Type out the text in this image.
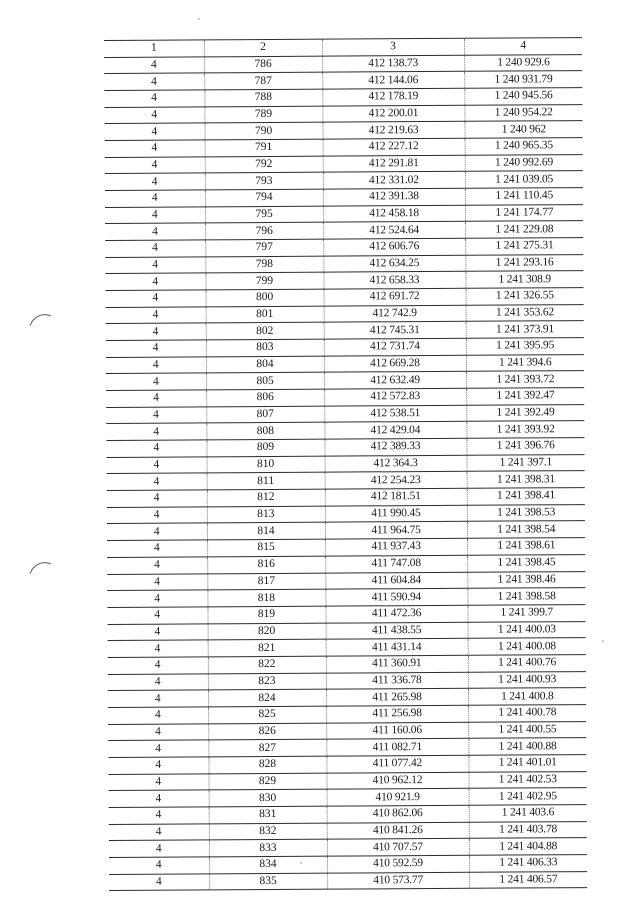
1	2	3	4
4	786	412 138.73	1 240 929.6
4	787	412 144.06	1 240 931.79
4	788	412 178.19	1 240 945.56
4	789	412 200.01	1 240 954.22
4	790	412 219.63	1 240 962
4	791	412 227.12	1 240 965.35
4	792	412 291.81	1 240 992.69
4	793	412 331.02	1 241 039.05
4	794	412 391.38	1 241 110.45
4	795	412 458.18	1 241 174.77
4	796	412 524.64	1 241 229.08
4	797	412 606.76	1 241 275.31
4	798	412 634.25	1 241 293.16
4	799	412 658.33	1 241 308.9
4	800	412 691.72	1 241 326.55
4	801	412 742.9	1 241 353.62
4	802	412 745.31	1 241 373.91
4	803	412 731.74	1 241 395.95
4	804	412 669.28	1 241 394.6
4	805	412 632.49	1 241 393.72
4	806	412 572.83	1 241 392.47
4	807	412 538.51	1 241 392.49
4	808	412 429.04	1 241 393.92
4	809	412 389.33	1 241 396.76
4	810	412 364.3	1 241 397.1
4	811	412 254.23	1 241 398.31
4	812	412 181.51	1 241 398.41
4	813	411 990.45	1 241 398.53
4	814	411 964.75	1 241 398.54
4	815	411 937.43	1 241 398.61
4	816	411 747.08	1 241 398.45
4	817	411 604.84	1 241 398.46
4	818	411 590.94	1 241 398.58
4	819	411 472.36	1 241 399.7
4	820	411 438.55	1 241 400.03
4	821	411 431.14	1 241 400.08
4	822	411 360.91	1 241 400.76
4	823	411 336.78	1 241 400.93
4	824	411 265.98	1 241 400.8
4	825	411 256.98	1 241 400.78
4	826	411 160.06	1 241 400.55
4	827	411 082.71	1 241 400.88
4	828	411 077.42	1 241 401.01
4	829	410 962.12	1 241 402.53
4	830	410 921.9	1 241 402.95
4	831	410 862.06	1 241 403.6
4	832	410 841.26	1 241 403.78
4	833	410 707.57	1 241 404.88
4	834	410 592.59	1 241 406.33
4	835	410 573.77	1 241 406.57
